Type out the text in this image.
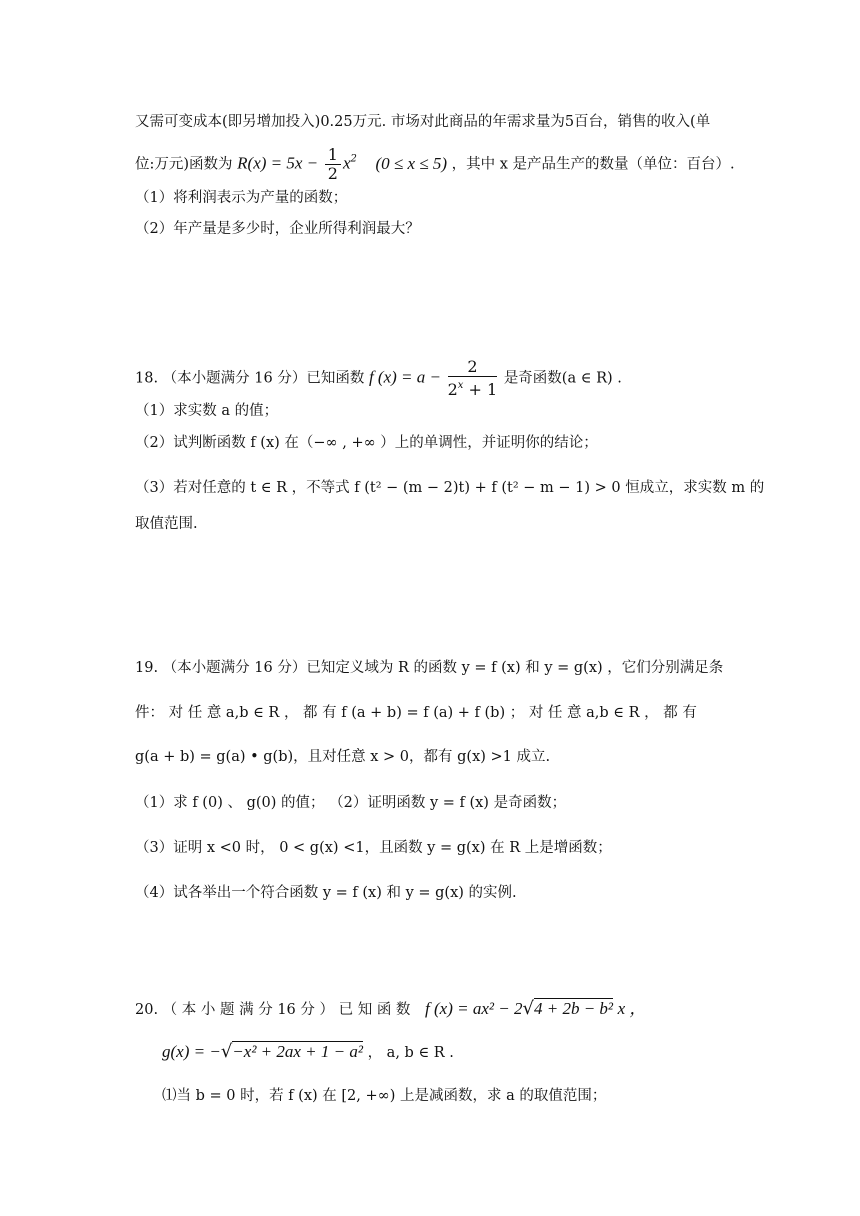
又需可变成本(即另增加投入)0.25万元. 市场对此商品的年需求量为5百台，销售的收入(单
位:万元)函数为 $R(x) = 5x - \frac{1}{2} x^2$ (0 ≤ x ≤ 5) ，其中 x 是产品生产的数量（单位：百台）.
（1）将利润表示为产量的函数；
（2）年产量是多少时，企业所得利润最大？
18. （本小题满分 16 分）已知函数 f $(x) = a - \frac{2}{2^x + 1}$ 是奇函数(a ∈ R) .
（1）求实数 a 的值；
（2）试判断函数 f (x) 在（−∞ , +∞ ）上的单调性，并证明你的结论；
（3）若对任意的 t ∈ R ，不等式 f (t² − (m − 2)t) + f (t² − m − 1) > 0 恒成立，求实数 m 的
取值范围.
19. （本小题满分 16 分）已知定义域为 R 的函数 y = f (x) 和 y = g(x) ，它们分别满足条
件： 对 任 意 a,b ∈ R ， 都 有 f (a + b) = f (a) + f (b) ； 对 任 意 a,b ∈ R ， 都 有
g(a + b) = g(a) • g(b)，且对任意 x > 0，都有 g(x) >1 成立.
（1）求 f (0) 、 g(0) 的值； （2）证明函数 y = f (x) 是奇函数；
（3）证明 x <0 时， 0 < g(x) <1，且函数 y = g(x) 在 R 上是增函数；
（4）试各举出一个符合函数 y = f (x) 和 y = g(x) 的实例.
20. （ 本 小 题 满 分 16 分 ） 已 知 函 数 f (x) = ax² − 2√4 + 2b − b² x ，
g(x) = −√−x² + 2ax + 1 − a² ， a, b ∈ R .
⑴当 b = 0 时，若 f (x) 在 [2, +∞) 上是减函数，求 a 的取值范围；
